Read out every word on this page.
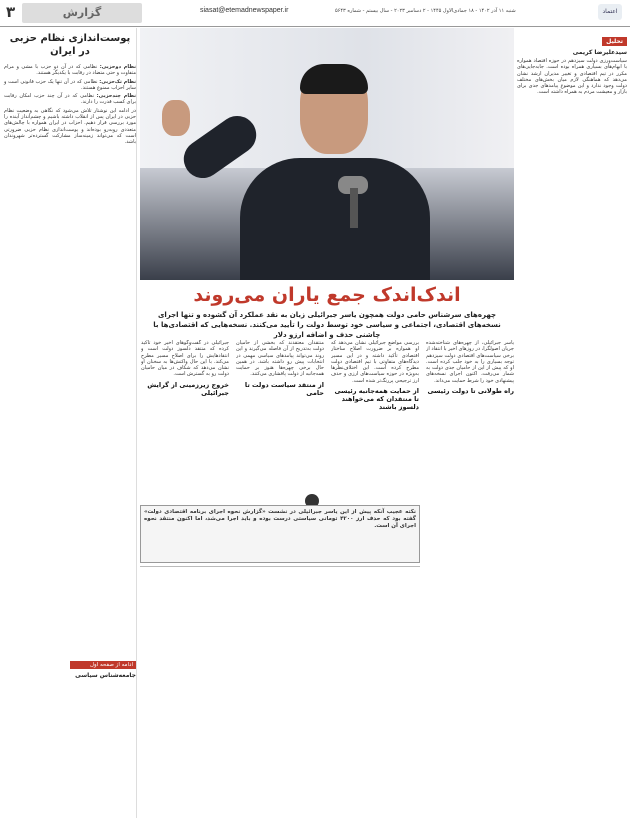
۳	گزارش	siasat@etemadnewspaper.ir	شنبه ۱۱ آذر ۱۴۰۲ - ۱۸ جمادی‌الاول ۱۴۴۵ - ۲ دسامبر ۲۰۲۳ - سال بیستم - شماره ۵۶۴۳	اعتماد
پوست‌اندازی نظام حزبی در ایران
نظام دوحزبی: نظامی که در آن دو حزب با مشی و مرام متفاوت و حتی متضاد در رقابت با یکدیگر هستند.
نظام تک‌حزبی: نظامی که در آن تنها یک حزب قانونی است و سایر احزاب ممنوع هستند.
نظام چندحزبی: نظامی که در آن چند حزب امکان رقابت برای کسب قدرت را دارند.
در ادامه این نوشتار تلاش می‌شود که نگاهی به وضعیت نظام حزبی در ایران پس از انقلاب داشته باشیم و چشم‌انداز آینده را مورد بررسی قرار دهیم. احزاب در ایران همواره با چالش‌های متعددی روبه‌رو بوده‌اند و پوست‌اندازی نظام حزبی ضرورتی است که می‌تواند زمینه‌ساز مشارکت گسترده‌تر شهروندان باشد.
ادامه از صفحه اول
جامعه‌شناس سیاسی
تحلیل
سیدعلیرضا کریمی
سیاست‌ورزی دولت سیزدهم در حوزه اقتصاد همواره با ابهام‌های بسیاری همراه بوده است. جابه‌جایی‌های مکرر در تیم اقتصادی و تغییر مدیران ارشد نشان می‌دهد که هماهنگی لازم میان بخش‌های مختلف دولت وجود ندارد و این موضوع پیامدهای جدی برای بازار و معیشت مردم به همراه داشته است.
اندک‌اندک جمع یاران می‌روند
چهره‌های سرشناس حامی دولت همچون یاسر جبرائیلی زبان به نقد عملکرد آن گشوده و تنها اجرای نسخه‌های اقتصادی، اجتماعی و سیاسی خود توسط دولت را تأیید می‌کنند. نسخه‌هایی که اقتصادی‌ها با چاشنی حذف و اضافه ارزو دلار
یاسر جبرائیلی، از چهره‌های شناخته‌شده جریان اصولگرا، در روزهای اخیر با انتقاد از برخی سیاست‌های اقتصادی دولت سیزدهم توجه بسیاری را به خود جلب کرده است. او که پیش از این از حامیان جدی دولت به شمار می‌رفت، اکنون اجرای نسخه‌های پیشنهادی خود را شرط حمایت می‌داند.
راه طولانی تا دولت رئیسی
بررسی مواضع جبرائیلی نشان می‌دهد که او همواره بر ضرورت اصلاح ساختار اقتصادی تأکید داشته و در این مسیر دیدگاه‌های متفاوتی با تیم اقتصادی دولت مطرح کرده است. این اختلاف‌نظرها به‌ویژه در حوزه سیاست‌های ارزی و حذف ارز ترجیحی پررنگ‌تر شده است.
از حمایت همه‌جانبه رئیسی تا منتقدان که می‌خواهند دلسوز باشند
منتقدان معتقدند که بخشی از حامیان دولت به‌تدریج از آن فاصله می‌گیرند و این روند می‌تواند پیامدهای سیاسی مهمی در انتخابات پیش رو داشته باشد. در همین حال برخی چهره‌ها هنوز بر حمایت همه‌جانبه از دولت پافشاری می‌کنند.
از منتقد سیاست دولت تا حامی
جبرائیلی در گفت‌وگوهای اخیر خود تأکید کرده که منتقد دلسوز دولت است و انتقادهایش را برای اصلاح مسیر مطرح می‌کند. با این حال واکنش‌ها به سخنان او نشان می‌دهد که شکاف در میان حامیان دولت رو به گسترش است.
خروج زیرزمینی از گرایش جبرائیلی
نکته عجیب آنکه پیش از این یاسر جبرائیلی در نشست «گزارش نحوه اجرای برنامه اقتصادی دولت» گفته بود که حذف ارز ۴۲۰۰ تومانی سیاستی درست بوده و باید اجرا می‌شد، اما اکنون منتقد نحوه اجرای آن است.
